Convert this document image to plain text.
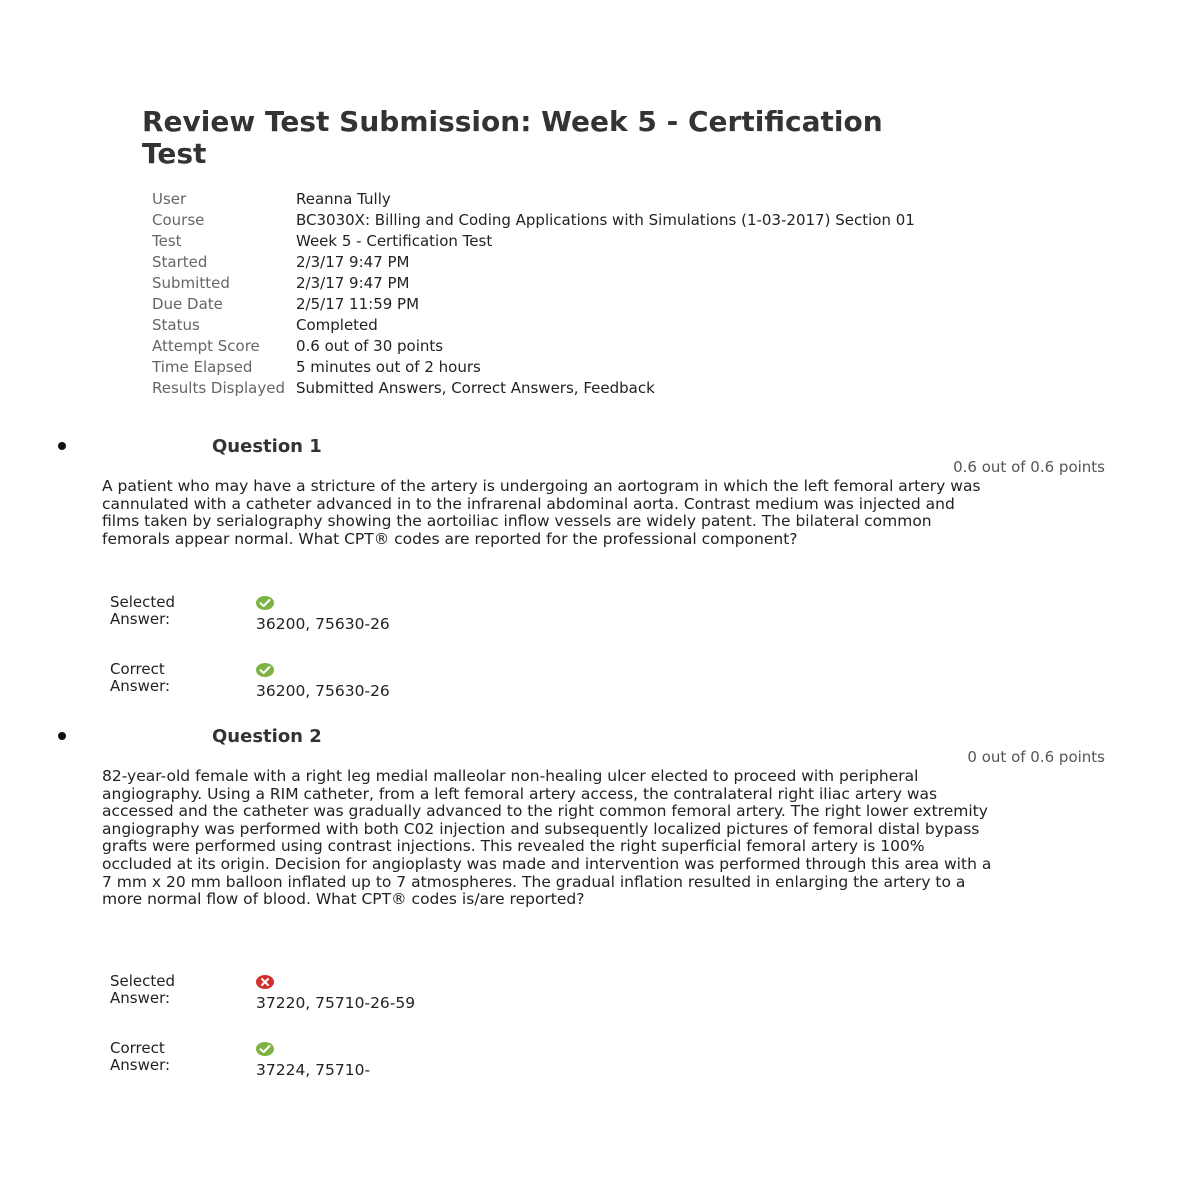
Review Test Submission: Week 5 - Certification Test
User	Reanna Tully
Course	BC3030X: Billing and Coding Applications with Simulations (1-03-2017) Section 01
Test	Week 5 - Certification Test
Started	2/3/17 9:47 PM
Submitted	2/3/17 9:47 PM
Due Date	2/5/17 11:59 PM
Status	Completed
Attempt Score	0.6 out of 30 points
Time Elapsed	5 minutes out of 2 hours
Results Displayed	Submitted Answers, Correct Answers, Feedback
Question 1
0.6 out of 0.6 points
A patient who may have a stricture of the artery is undergoing an aortogram in which the left femoral artery was cannulated with a catheter advanced in to the infrarenal abdominal aorta. Contrast medium was injected and films taken by serialography showing the aortoiliac inflow vessels are widely patent. The bilateral common femorals appear normal. What CPT® codes are reported for the professional component?
Selected Answer:	36200, 75630-26
Correct Answer:	36200, 75630-26
Question 2
0 out of 0.6 points
82-year-old female with a right leg medial malleolar non-healing ulcer elected to proceed with peripheral angiography. Using a RIM catheter, from a left femoral artery access, the contralateral right iliac artery was accessed and the catheter was gradually advanced to the right common femoral artery. The right lower extremity angiography was performed with both C02 injection and subsequently localized pictures of femoral distal bypass grafts were performed using contrast injections. This revealed the right superficial femoral artery is 100% occluded at its origin. Decision for angioplasty was made and intervention was performed through this area with a 7 mm x 20 mm balloon inflated up to 7 atmospheres. The gradual inflation resulted in enlarging the artery to a more normal flow of blood. What CPT® codes is/are reported?
Selected Answer:	37220, 75710-26-59
Correct Answer:	37224, 75710-
